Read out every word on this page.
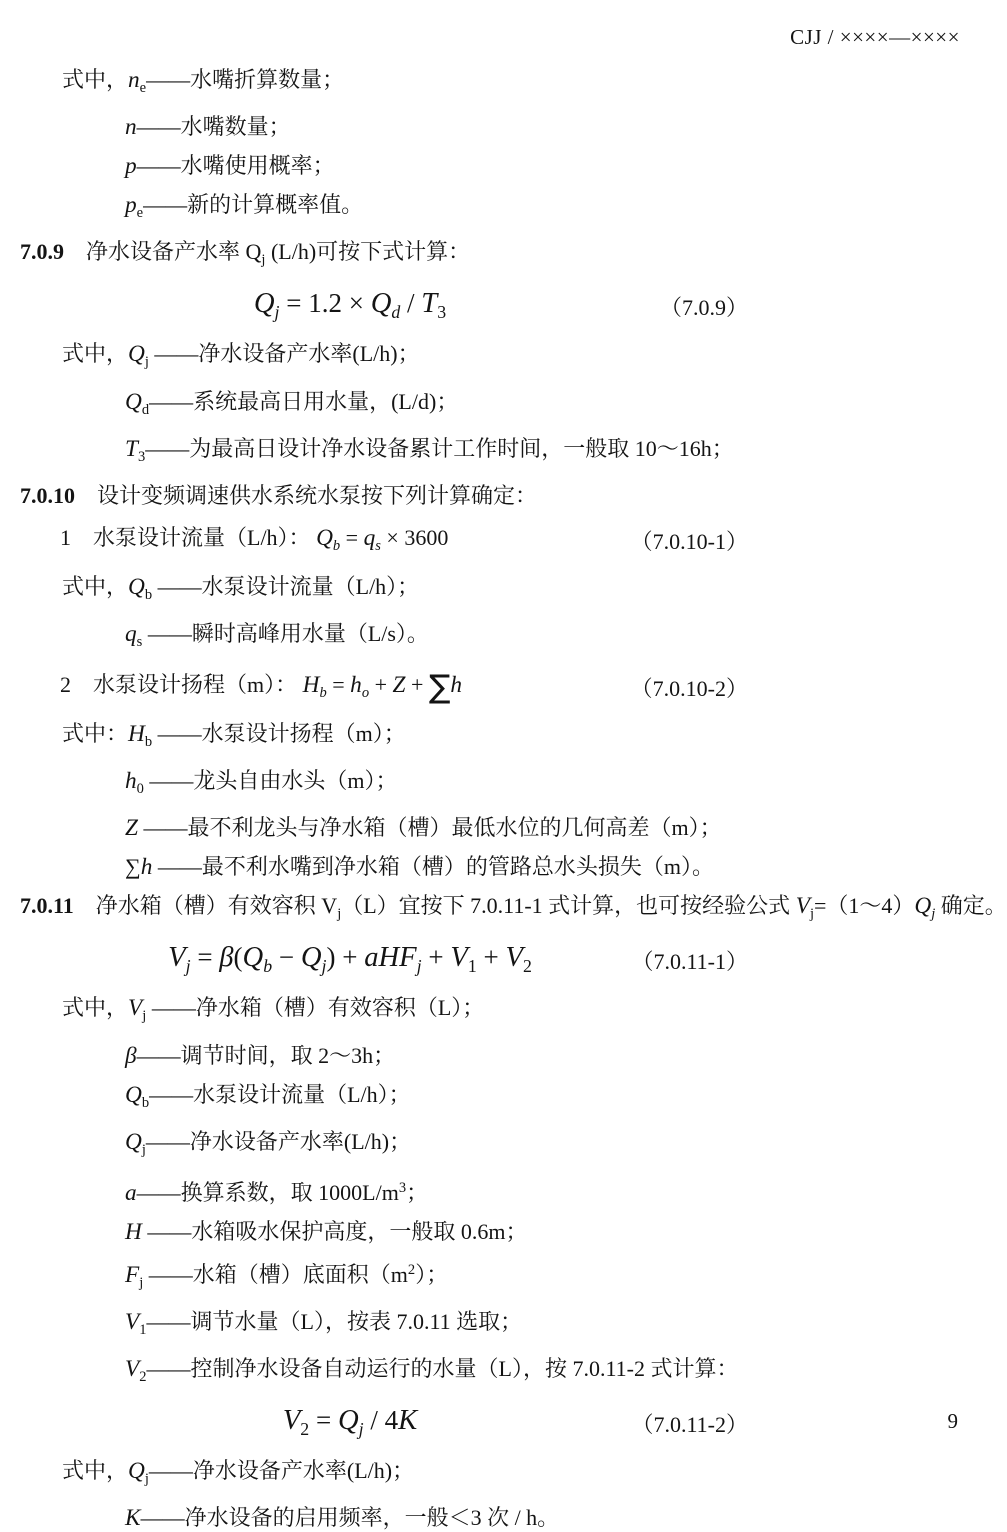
CJJ / ××××—××××
式中，$n_e——$水嘴折算数量；
n——水嘴数量；
p——水嘴使用概率；
$p_e——$新的计算概率值。
7.0.9　净水设备产水率 $Q_j$ (L/h)可按下式计算：
$Q_j = 1.2 \times Q_d / T_3$	（7.0.9）
式中，$Q_j$ ——净水设备产水率(L/h)；
$Q_d——$系统最高日用水量，(L/d)；
$T_3——$为最高日设计净水设备累计工作时间，一般取 10～16h；
7.0.10　设计变频调速供水系统水泵按下列计算确定：
1　水泵设计流量（L/h）： $Q_b = q_s \times 3600$	（7.0.10-1）
式中，$Q_b$ ——水泵设计流量（L/h）；
$q_s$ ——瞬时高峰用水量（L/s）。
2　水泵设计扬程（m）： $H_b = h_o + Z + \sum h$	（7.0.10-2）
式中：$H_b$ ——水泵设计扬程（m）；
$h_0$ ——龙头自由水头（m）；
Z ——最不利龙头与净水箱（槽）最低水位的几何高差（m）；
∑h ——最不利水嘴到净水箱（槽）的管路总水头损失（m）。
7.0.11　净水箱（槽）有效容积 $V_j(L)$宜按下 7.0.11-1 式计算，也可按经验公式 $V_j=(1\sim 4)Q_j$ 确定。
$V_j = \beta(Q_b - Q_j) + aHF_j + V_1 + V_2$	（7.0.11-1）
式中，$V_j$ ——净水箱（槽）有效容积（L）；
β——调节时间，取 2～3h；
$Q_b——$水泵设计流量（L/h）；
$Q_j——$净水设备产水率(L/h)；
a——换算系数，取 $1000L/m^3$；
H ——水箱吸水保护高度，一般取 0.6m；
$F_j$ ——水箱（槽）底面积$(m^2)$；
$V_1——$调节水量（L），按表 7.0.11 选取；
$V_2——$控制净水设备自动运行的水量（L），按 7.0.11-2 式计算：
$V_2 = Q_j / 4K$	（7.0.11-2）
式中，$Q_j——$净水设备产水率(L/h)；
K——净水设备的启用频率，一般＜3 次 / h。
9
